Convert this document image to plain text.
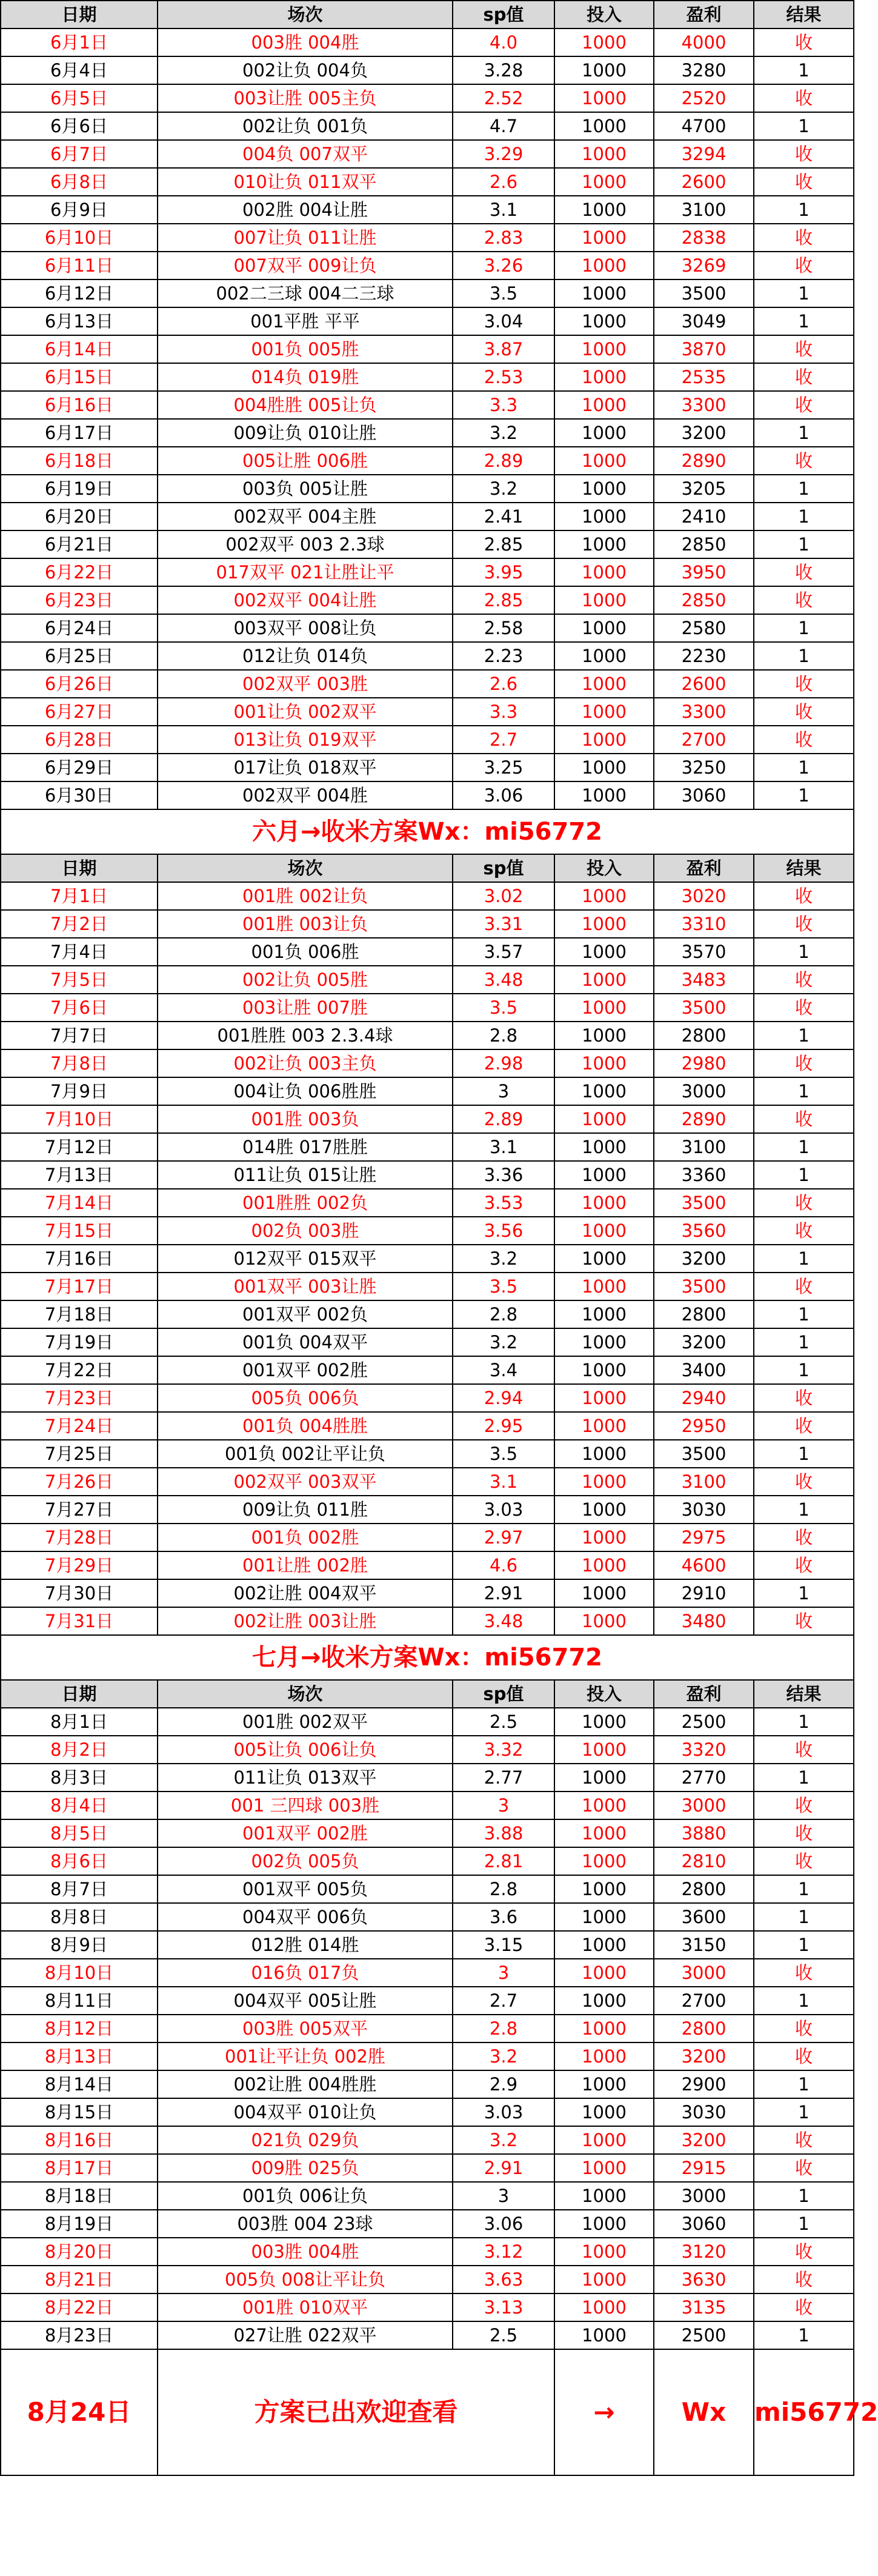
日期	场次	sp值	投入	盈利	结果
6月1日	003胜 004胜	4.0	1000	4000	收
6月4日	002让负 004负	3.28	1000	3280	1
6月5日	003让胜 005主负	2.52	1000	2520	收
6月6日	002让负 001负	4.7	1000	4700	1
6月7日	004负 007双平	3.29	1000	3294	收
6月8日	010让负 011双平	2.6	1000	2600	收
6月9日	002胜 004让胜	3.1	1000	3100	1
6月10日	007让负 011让胜	2.83	1000	2838	收
6月11日	007双平 009让负	3.26	1000	3269	收
6月12日	002二三球 004二三球	3.5	1000	3500	1
6月13日	001平胜 平平	3.04	1000	3049	1
6月14日	001负 005胜	3.87	1000	3870	收
6月15日	014负 019胜	2.53	1000	2535	收
6月16日	004胜胜 005让负	3.3	1000	3300	收
6月17日	009让负 010让胜	3.2	1000	3200	1
6月18日	005让胜 006胜	2.89	1000	2890	收
6月19日	003负 005让胜	3.2	1000	3205	1
6月20日	002双平 004主胜	2.41	1000	2410	1
6月21日	002双平 003 2.3球	2.85	1000	2850	1
6月22日	017双平 021让胜让平	3.95	1000	3950	收
6月23日	002双平 004让胜	2.85	1000	2850	收
6月24日	003双平 008让负	2.58	1000	2580	1
6月25日	012让负 014负	2.23	1000	2230	1
6月26日	002双平 003胜	2.6	1000	2600	收
6月27日	001让负 002双平	3.3	1000	3300	收
6月28日	013让负 019双平	2.7	1000	2700	收
6月29日	017让负 018双平	3.25	1000	3250	1
6月30日	002双平 004胜	3.06	1000	3060	1
六月→收米方案Wx：mi56772					
日期	场次	sp值	投入	盈利	结果
7月1日	001胜 002让负	3.02	1000	3020	收
7月2日	001胜 003让负	3.31	1000	3310	收
7月4日	001负 006胜	3.57	1000	3570	1
7月5日	002让负 005胜	3.48	1000	3483	收
7月6日	003让胜 007胜	3.5	1000	3500	收
7月7日	001胜胜 003 2.3.4球	2.8	1000	2800	1
7月8日	002让负 003主负	2.98	1000	2980	收
7月9日	004让负 006胜胜	3	1000	3000	1
7月10日	001胜 003负	2.89	1000	2890	收
7月12日	014胜 017胜胜	3.1	1000	3100	1
7月13日	011让负 015让胜	3.36	1000	3360	1
7月14日	001胜胜 002负	3.53	1000	3500	收
7月15日	002负 003胜	3.56	1000	3560	收
7月16日	012双平 015双平	3.2	1000	3200	1
7月17日	001双平 003让胜	3.5	1000	3500	收
7月18日	001双平 002负	2.8	1000	2800	1
7月19日	001负 004双平	3.2	1000	3200	1
7月22日	001双平 002胜	3.4	1000	3400	1
7月23日	005负 006负	2.94	1000	2940	收
7月24日	001负 004胜胜	2.95	1000	2950	收
7月25日	001负 002让平让负	3.5	1000	3500	1
7月26日	002双平 003双平	3.1	1000	3100	收
7月27日	009让负 011胜	3.03	1000	3030	1
7月28日	001负 002胜	2.97	1000	2975	收
7月29日	001让胜 002胜	4.6	1000	4600	收
7月30日	002让胜 004双平	2.91	1000	2910	1
7月31日	002让胜 003让胜	3.48	1000	3480	收
七月→收米方案Wx：mi56772					
日期	场次	sp值	投入	盈利	结果
8月1日	001胜 002双平	2.5	1000	2500	1
8月2日	005让负 006让负	3.32	1000	3320	收
8月3日	011让负 013双平	2.77	1000	2770	1
8月4日	001 三四球 003胜	3	1000	3000	收
8月5日	001双平 002胜	3.88	1000	3880	收
8月6日	002负 005负	2.81	1000	2810	收
8月7日	001双平 005负	2.8	1000	2800	1
8月8日	004双平 006负	3.6	1000	3600	1
8月9日	012胜 014胜	3.15	1000	3150	1
8月10日	016负 017负	3	1000	3000	收
8月11日	004双平 005让胜	2.7	1000	2700	1
8月12日	003胜 005双平	2.8	1000	2800	收
8月13日	001让平让负 002胜	3.2	1000	3200	收
8月14日	002让胜 004胜胜	2.9	1000	2900	1
8月15日	004双平 010让负	3.03	1000	3030	1
8月16日	021负 029负	3.2	1000	3200	收
8月17日	009胜 025负	2.91	1000	2915	收
8月18日	001负 006让负	3	1000	3000	1
8月19日	003胜 004 23球	3.06	1000	3060	1
8月20日	003胜 004胜	3.12	1000	3120	收
8月21日	005负 008让平让负	3.63	1000	3630	收
8月22日	001胜 010双平	3.13	1000	3135	收
8月23日	027让胜 022双平	2.5	1000	2500	1
8月24日	方案已出欢迎查看		→	Wx	mi56772
